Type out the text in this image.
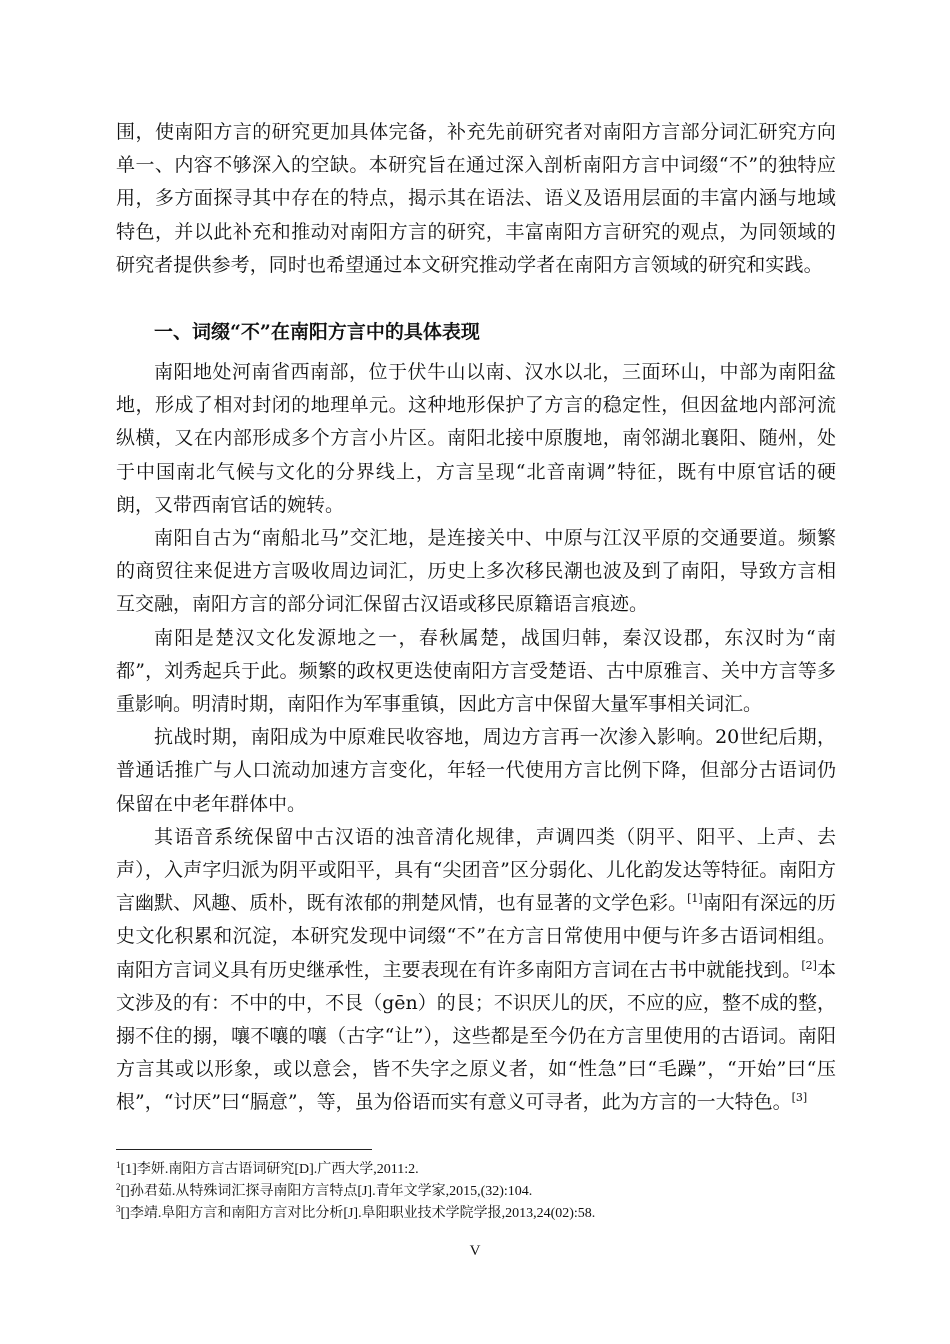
围，使南阳方言的研究更加具体完备，补充先前研究者对南阳方言部分词汇研究方向单一、内容不够深入的空缺。本研究旨在通过深入剖析南阳方言中词缀“不”的独特应用，多方面探寻其中存在的特点，揭示其在语法、语义及语用层面的丰富内涵与地域特色，并以此补充和推动对南阳方言的研究，丰富南阳方言研究的观点，为同领域的研究者提供参考，同时也希望通过本文研究推动学者在南阳方言领域的研究和实践。

一、词缀“不”在南阳方言中的具体表现

南阳地处河南省西南部，位于伏牛山以南、汉水以北，三面环山，中部为南阳盆地，形成了相对封闭的地理单元。这种地形保护了方言的稳定性，但因盆地内部河流纵横，又在内部形成多个方言小片区。南阳北接中原腹地，南邻湖北襄阳、随州，处于中国南北气候与文化的分界线上，方言呈现“北音南调”特征，既有中原官话的硬朗，又带西南官话的婉转。

南阳自古为“南船北马”交汇地，是连接关中、中原与江汉平原的交通要道。频繁的商贸往来促进方言吸收周边词汇，历史上多次移民潮也波及到了南阳，导致方言相互交融，南阳方言的部分词汇保留古汉语或移民原籍语言痕迹。

南阳是楚汉文化发源地之一，春秋属楚，战国归韩，秦汉设郡，东汉时为“南都”，刘秀起兵于此。频繁的政权更迭使南阳方言受楚语、古中原雅言、关中方言等多重影响。明清时期，南阳作为军事重镇，因此方言中保留大量军事相关词汇。

抗战时期，南阳成为中原难民收容地，周边方言再一次渗入影响。20世纪后期，普通话推广与人口流动加速方言变化，年轻一代使用方言比例下降，但部分古语词仍保留在中老年群体中。

其语音系统保留中古汉语的浊音清化规律，声调四类（阴平、阳平、上声、去声），入声字归派为阴平或阳平，具有“尖团音”区分弱化、儿化韵发达等特征。南阳方言幽默、风趣、质朴，既有浓郁的荆楚风情，也有显著的文学色彩。[1]南阳有深远的历史文化积累和沉淀，本研究发现中词缀“不”在方言日常使用中便与许多古语词相组。南阳方言词义具有历史继承性，主要表现在有许多南阳方言词在古书中就能找到。[2]本文涉及的有：不中的中，不艮（gēn）的艮；不识厌儿的厌，不应的应，整不成的整，搦不住的搦，嚷不嚷的嚷（古字“让”），这些都是至今仍在方言里使用的古语词。南阳方言其或以形象，或以意会，皆不失字之原义者，如“性急”曰“毛躁”，“开始”曰“压根”，“讨厌”曰“膈意”，等，虽为俗语而实有意义可寻者，此为方言的一大特色。[3]

$^1$[1]李妍.南阳方言古语词研究[D].广西大学,2011:2.

$^2$[]孙君茹.从特殊词汇探寻南阳方言特点[J].青年文学家,2015,(32):104.

$^3$[]李靖.阜阳方言和南阳方言对比分析[J].阜阳职业技术学院学报,2013,24(02):58.

V
